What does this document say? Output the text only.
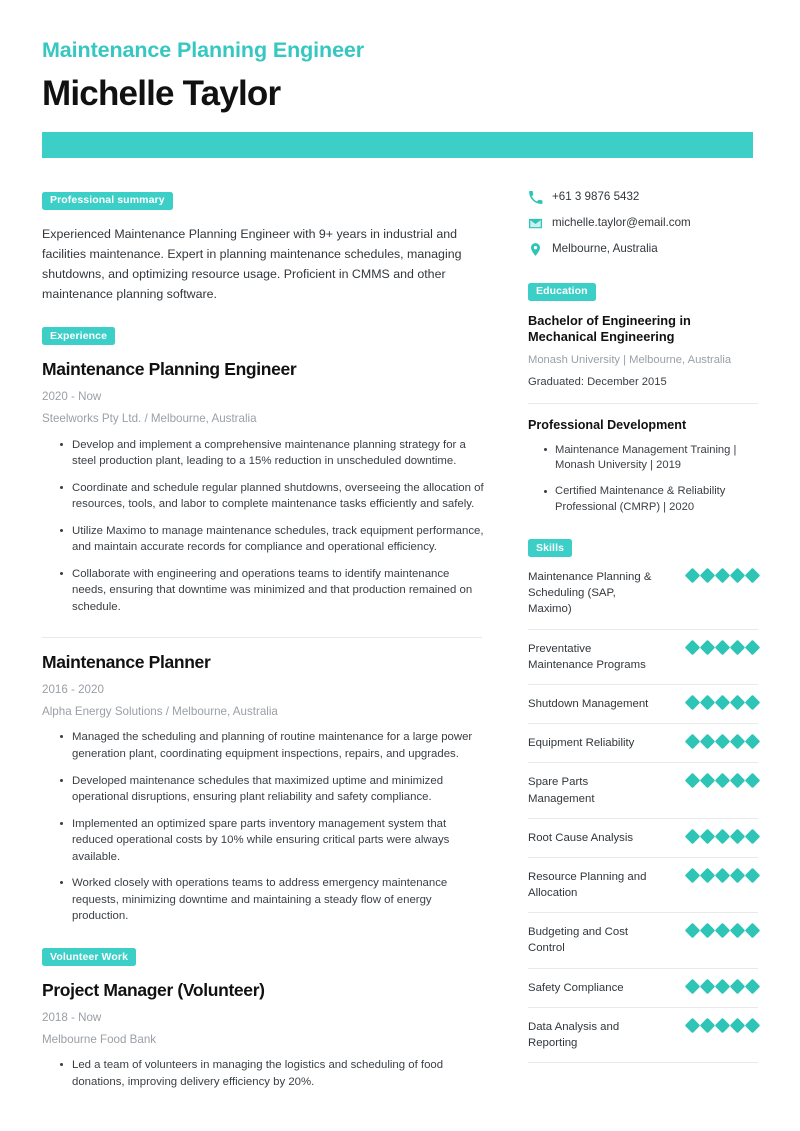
Maintenance Planning Engineer
Michelle Taylor
Professional summary

Experienced Maintenance Planning Engineer with 9+ years in industrial and facilities maintenance. Expert in planning maintenance schedules, managing shutdowns, and optimizing resource usage. Proficient in CMMS and other maintenance planning software.

Experience
Maintenance Planning Engineer
2020 - Now
Steelworks Pty Ltd. / Melbourne, Australia
Develop and implement a comprehensive maintenance planning strategy for a steel production plant, leading to a 15% reduction in unscheduled downtime.
Coordinate and schedule regular planned shutdowns, overseeing the allocation of resources, tools, and labor to complete maintenance tasks efficiently and safely.
Utilize Maximo to manage maintenance schedules, track equipment performance, and maintain accurate records for compliance and operational efficiency.
Collaborate with engineering and operations teams to identify maintenance needs, ensuring that downtime was minimized and that production remained on schedule.
Maintenance Planner
2016 - 2020
Alpha Energy Solutions / Melbourne, Australia
Managed the scheduling and planning of routine maintenance for a large power generation plant, coordinating equipment inspections, repairs, and upgrades.
Developed maintenance schedules that maximized uptime and minimized operational disruptions, ensuring plant reliability and safety compliance.
Implemented an optimized spare parts inventory management system that reduced operational costs by 10% while ensuring critical parts were always available.
Worked closely with operations teams to address emergency maintenance requests, minimizing downtime and maintaining a steady flow of energy production.
Volunteer Work
Project Manager (Volunteer)
2018 - Now
Melbourne Food Bank
Led a team of volunteers in managing the logistics and scheduling of food donations, improving delivery efficiency by 20%.
+61 3 9876 5432
michelle.taylor@email.com
Melbourne, Australia
Education
Bachelor of Engineering in Mechanical Engineering
Monash University | Melbourne, Australia
Graduated: December 2015
Professional Development
Maintenance Management Training | Monash University | 2019
Certified Maintenance & Reliability Professional (CMRP) | 2020
Skills
Maintenance Planning & Scheduling (SAP, Maximo)
Preventative Maintenance Programs
Shutdown Management
Equipment Reliability
Spare Parts Management
Root Cause Analysis
Resource Planning and Allocation
Budgeting and Cost Control
Safety Compliance
Data Analysis and Reporting
